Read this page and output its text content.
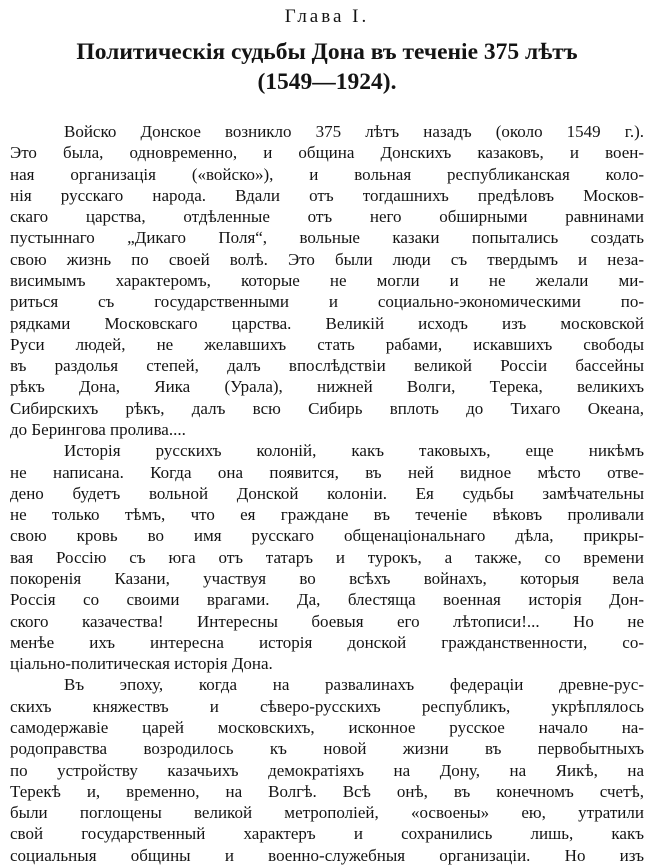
Глава I.
Политическiя судьбы Дона въ теченiе 375 лѣтъ
(1549—1924).
Войско Донское возникло 375 лѣтъ назадъ (около 1549 г.).
Это была, одновременно, и община Донскихъ казаковъ, и воен-
ная организацiя («войско»), и вольная республиканская коло-
нiя русскаго народа. Вдали отъ тогдашнихъ предѣловъ Москов-
скаго царства, отдѣленные отъ него обширными равнинами
пустыннаго „Дикаго Поля“, вольные казаки попытались создать
свою жизнь по своей волѣ. Это были люди съ твердымъ и неза-
висимымъ характеромъ, которые не могли и не желали ми-
риться съ государственными и социально-экономическими по-
рядками Московскаго царства. Великiй исходъ изъ московской
Руси людей, не желавшихъ стать рабами, искавшихъ свободы
въ раздолья степей, далъ впослѣдствiи великой Россiи бассейны
рѣкъ Дона, Яика (Урала), нижней Волги, Терека, великихъ
Сибирскихъ рѣкъ, далъ всю Сибирь вплоть до Тихаго Океана,
до Берингова пролива....
Исторiя русскихъ колонiй, какъ таковыхъ, еще никѣмъ
не написана. Когда она появится, въ ней видное мѣсто отве-
дено будетъ вольной Донской колонiи. Ея судьбы замѣчательны
не только тѣмъ, что ея граждане въ теченiе вѣковъ проливали
свою кровь во имя русскаго общенацiональнаго дѣла, прикры-
вая Россiю съ юга отъ татаръ и турокъ, а также, со времени
покоренiя Казани, участвуя во всѣхъ войнахъ, которыя вела
Россiя со своими врагами. Да, блестяща военная исторiя Дон-
ского казачества! Интересны боевыя его лѣтописи!... Но не
менѣе ихъ интересна исторiя донской гражданственности, со-
цiально-политическая исторiя Дона.
Въ эпоху, когда на развалинахъ федерацiи древне-рус-
скихъ княжествъ и сѣверо-русскихъ республикъ, укрѣплялось
самодержавiе царей московскихъ, исконное русское начало на-
родоправства возродилось къ новой жизни въ первобытныхъ
по устройству казачьихъ демократiяхъ на Дону, на Яикѣ, на
Терекѣ и, временно, на Волгѣ. Всѣ онѣ, въ конечномъ счетѣ,
были поглощены великой метрополiей, «освоены» ею, утратили
свой государственный характеръ и сохранились лишь, какъ
социальныя общины и военно-служебныя организацiи. Но изъ
